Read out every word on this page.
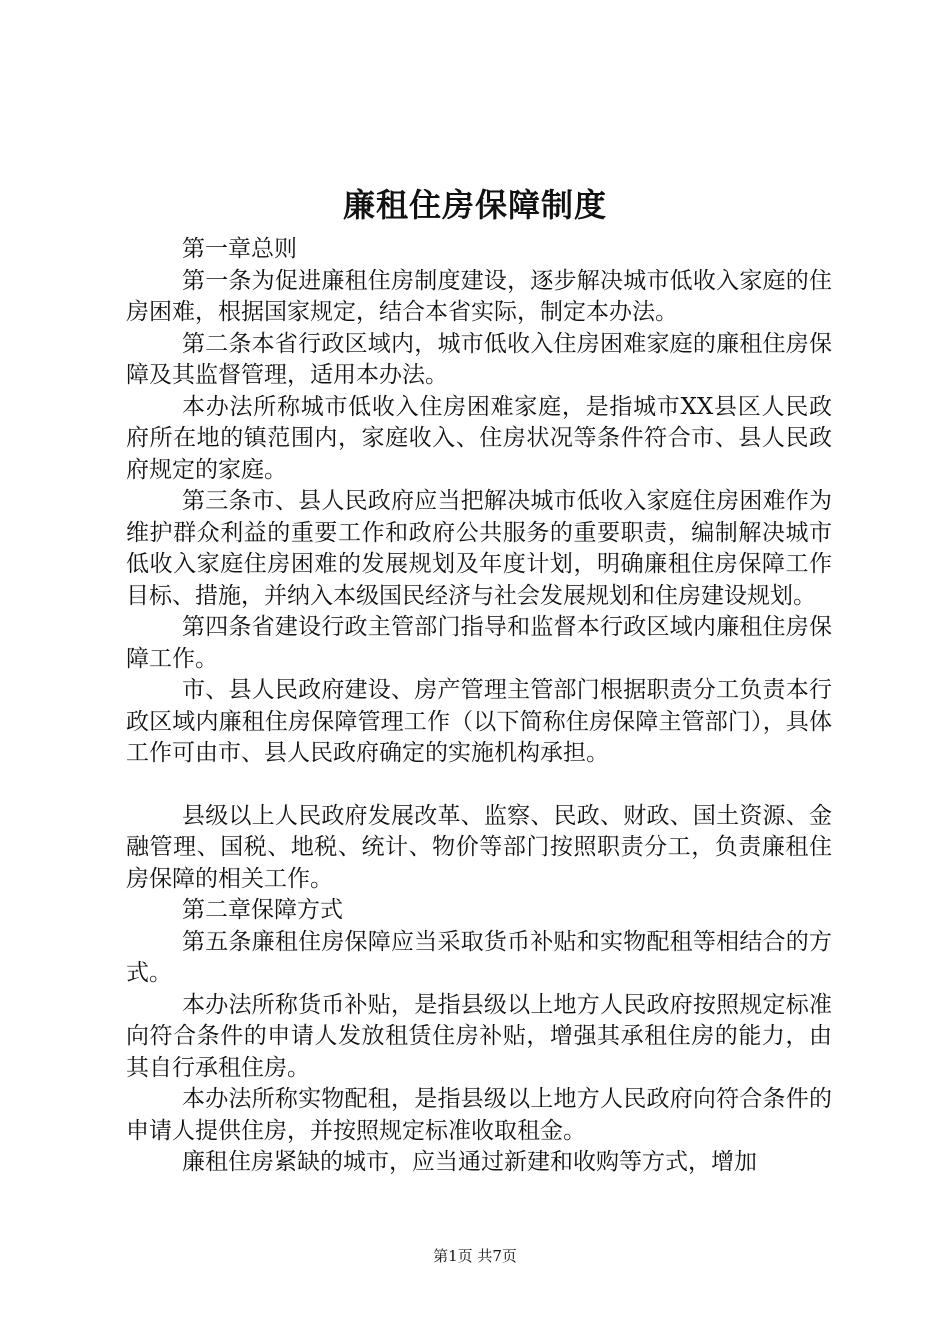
廉租住房保障制度

第一章总则

第一条为促进廉租住房制度建设，逐步解决城市低收入家庭的住房困难，根据国家规定，结合本省实际，制定本办法。

第二条本省行政区域内，城市低收入住房困难家庭的廉租住房保障及其监督管理，适用本办法。

本办法所称城市低收入住房困难家庭，是指城市XX县区人民政府所在地的镇范围内，家庭收入、住房状况等条件符合市、县人民政府规定的家庭。

第三条市、县人民政府应当把解决城市低收入家庭住房困难作为维护群众利益的重要工作和政府公共服务的重要职责，编制解决城市低收入家庭住房困难的发展规划及年度计划，明确廉租住房保障工作目标、措施，并纳入本级国民经济与社会发展规划和住房建设规划。

第四条省建设行政主管部门指导和监督本行政区域内廉租住房保障工作。

市、县人民政府建设、房产管理主管部门根据职责分工负责本行政区域内廉租住房保障管理工作（以下简称住房保障主管部门），具体工作可由市、县人民政府确定的实施机构承担。

县级以上人民政府发展改革、监察、民政、财政、国土资源、金融管理、国税、地税、统计、物价等部门按照职责分工，负责廉租住房保障的相关工作。

第二章保障方式

第五条廉租住房保障应当采取货币补贴和实物配租等相结合的方式。

本办法所称货币补贴，是指县级以上地方人民政府按照规定标准向符合条件的申请人发放租赁住房补贴，增强其承租住房的能力，由其自行承租住房。

本办法所称实物配租，是指县级以上地方人民政府向符合条件的申请人提供住房，并按照规定标准收取租金。

廉租住房紧缺的城市，应当通过新建和收购等方式，增加

第1页 共7页
